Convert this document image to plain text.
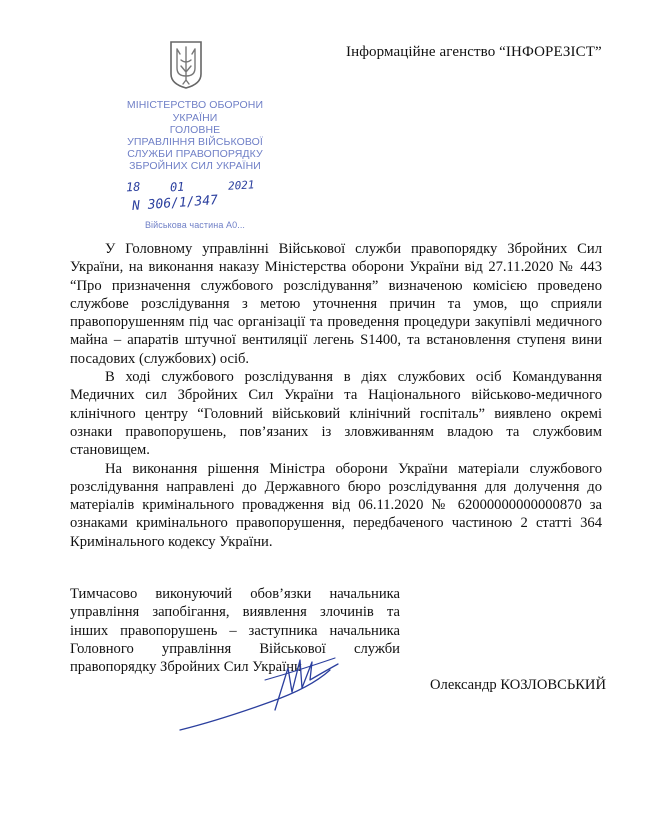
Інформаційне агенство “ІНФОРЕЗІСТ”
МІНІСТЕРСТВО ОБОРОНИ
УКРАЇНИ
ГОЛОВНЕ
УПРАВЛІННЯ ВІЙСЬКОВОЇ
СЛУЖБИ ПРАВОПОРЯДКУ
ЗБРОЙНИХ СИЛ УКРАЇНИ
18 01	2021
N 306/1/347
Військова частина А0...

У Головному управлінні Військової служби правопорядку Збройних Сил України, на виконання наказу Міністерства оборони України від 27.11.2020 № 443 “Про призначення службового розслідування” визначеною комісією проведено службове розслідування з метою уточнення причин та умов, що сприяли правопорушенням під час організації та проведення процедури закупівлі медичного майна – апаратів штучної вентиляції легень S1400, та встановлення ступеня вини посадових (службових) осіб.

В ході службового розслідування в діях службових осіб Командування Медичних сил Збройних Сил України та Національного військово-медичного клінічного центру “Головний військовий клінічний госпіталь” виявлено окремі ознаки правопорушень, пов’язаних із зловживанням владою та службовим становищем.

На виконання рішення Міністра оборони України матеріали службового розслідування направлені до Державного бюро розслідування для долучення до матеріалів кримінального провадження від 06.11.2020 № 62000000000000870 за ознаками кримінального правопорушення, передбаченого частиною 2 статті 364 Кримінального кодексу України.

Тимчасово виконуючий обов’язки начальника
управління запобігання, виявлення злочинів та
інших правопорушень – заступника начальника
Головного управління Військової служби
правопорядку Збройних Сил України
Олександр КОЗЛОВСЬКИЙ
